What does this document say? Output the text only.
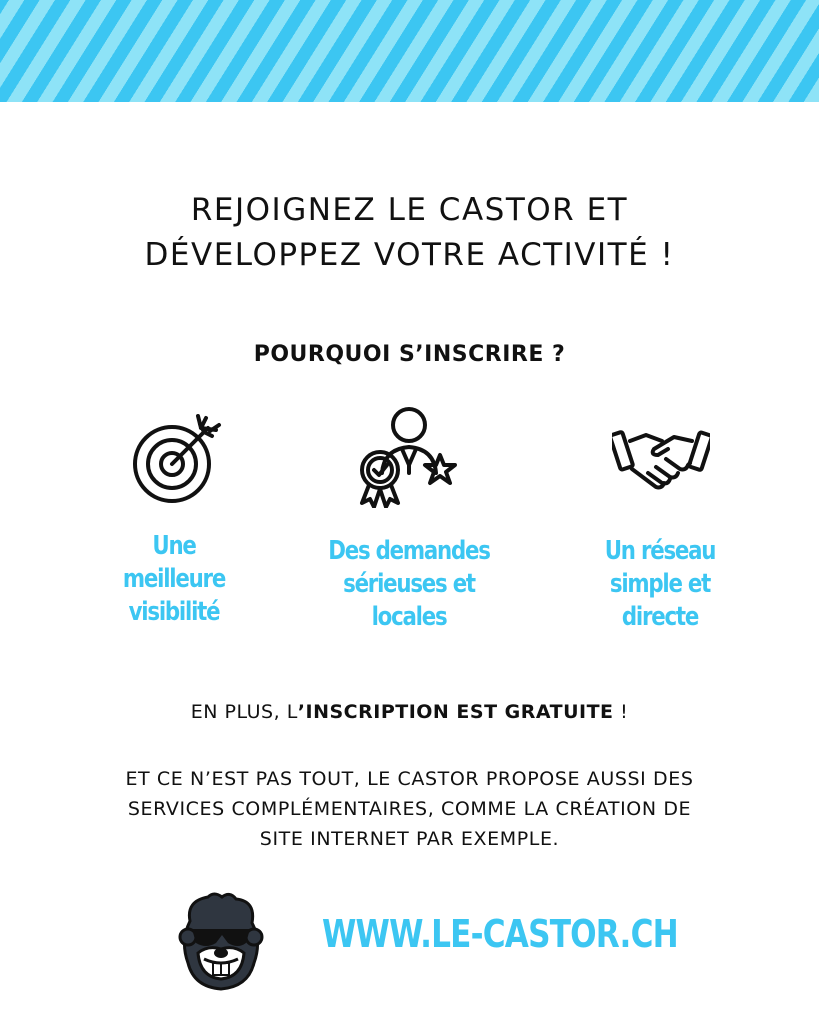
REJOIGNEZ LE CASTOR ET
DÉVELOPPEZ VOTRE ACTIVITÉ !
POURQUOI S’INSCRIRE ?
Une
meilleure
visibilité
Des demandes
sérieuses et
locales
Un réseau
simple et
directe

EN PLUS, L’INSCRIPTION EST GRATUITE !

ET CE N’EST PAS TOUT, LE CASTOR PROPOSE AUSSI DES
SERVICES COMPLÉMENTAIRES, COMME LA CRÉATION DE
SITE INTERNET PAR EXEMPLE.

WWW.LE-CASTOR.CH
